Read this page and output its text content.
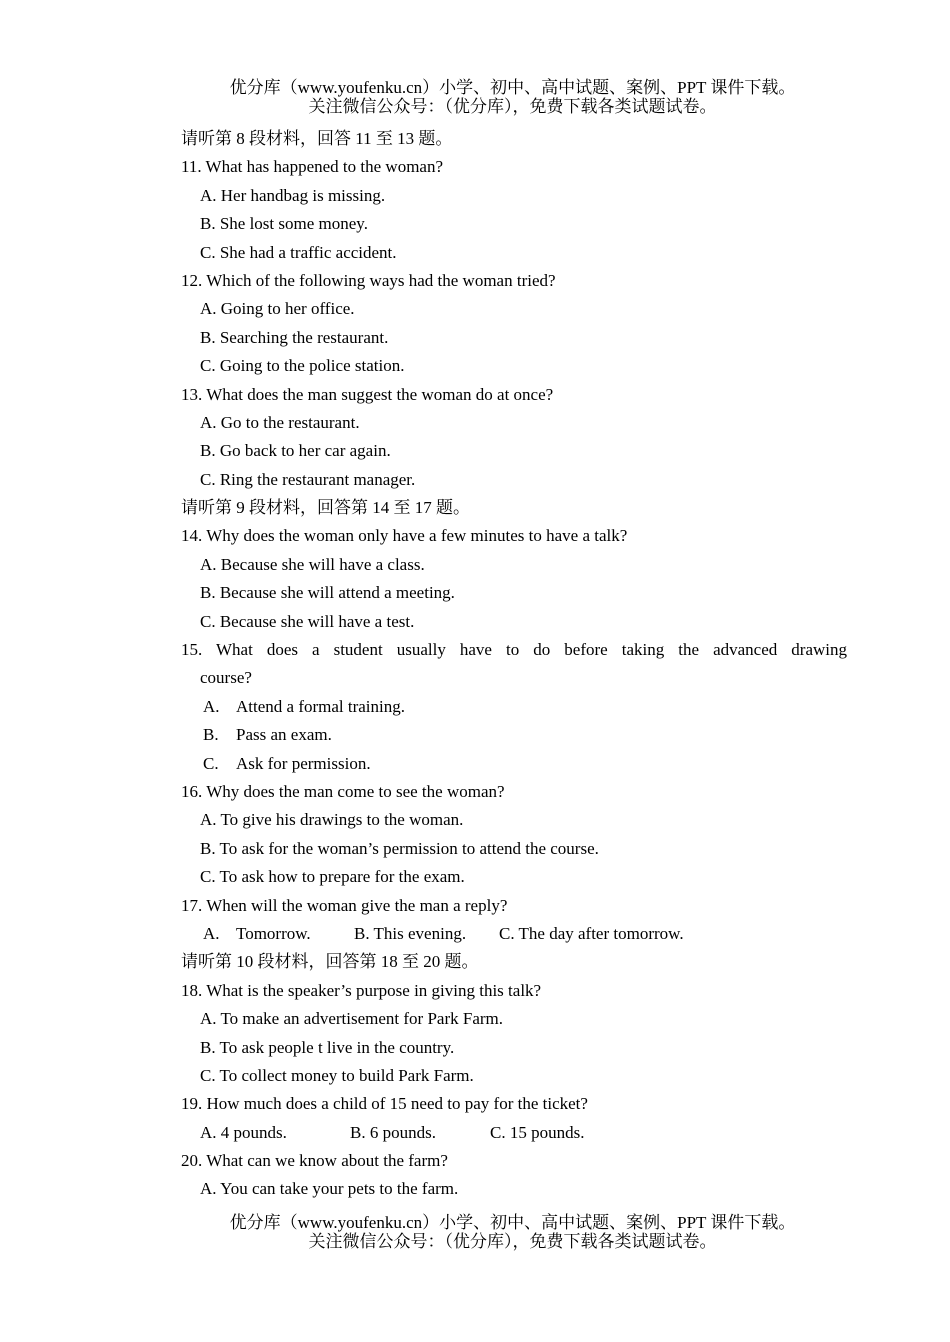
优分库（www.youfenku.cn）小学、初中、高中试题、案例、PPT 课件下载。
关注微信公众号：（优分库），免费下载各类试题试卷。
请听第 8 段材料，回答 11 至 13 题。
11. What has happened to the woman?
A. Her handbag is missing.
B. She lost some money.
C. She had a traffic accident.
12. Which of the following ways had the woman tried?
A. Going to her office.
B. Searching the restaurant.
C. Going to the police station.
13. What does the man suggest the woman do at once?
A. Go to the restaurant.
B. Go back to her car again.
C. Ring the restaurant manager.
请听第 9 段材料，回答第 14 至 17 题。
14. Why does the woman only have a few minutes to have a talk?
A. Because she will have a class.
B. Because she will attend a meeting.
C. Because she will have a test.
15. What does a student usually have to do before taking the advanced drawing
course?
A. Attend a formal training.
B. Pass an exam.
C. Ask for permission.
16. Why does the man come to see the woman?
A. To give his drawings to the woman.
B. To ask for the woman’s permission to attend the course.
C. To ask how to prepare for the exam.
17. When will the woman give the man a reply?
A. Tomorrow.	B. This evening. C. The day after tomorrow.
请听第 10 段材料，回答第 18 至 20 题。
18. What is the speaker’s purpose in giving this talk?
A. To make an advertisement for Park Farm.
B. To ask people t live in the country.
C. To collect money to build Park Farm.
19. How much does a child of 15 need to pay for the ticket?
A. 4 pounds.	B. 6 pounds.	C. 15 pounds.
20. What can we know about the farm?
A. You can take your pets to the farm.
优分库（www.youfenku.cn）小学、初中、高中试题、案例、PPT 课件下载。
关注微信公众号：（优分库），免费下载各类试题试卷。
